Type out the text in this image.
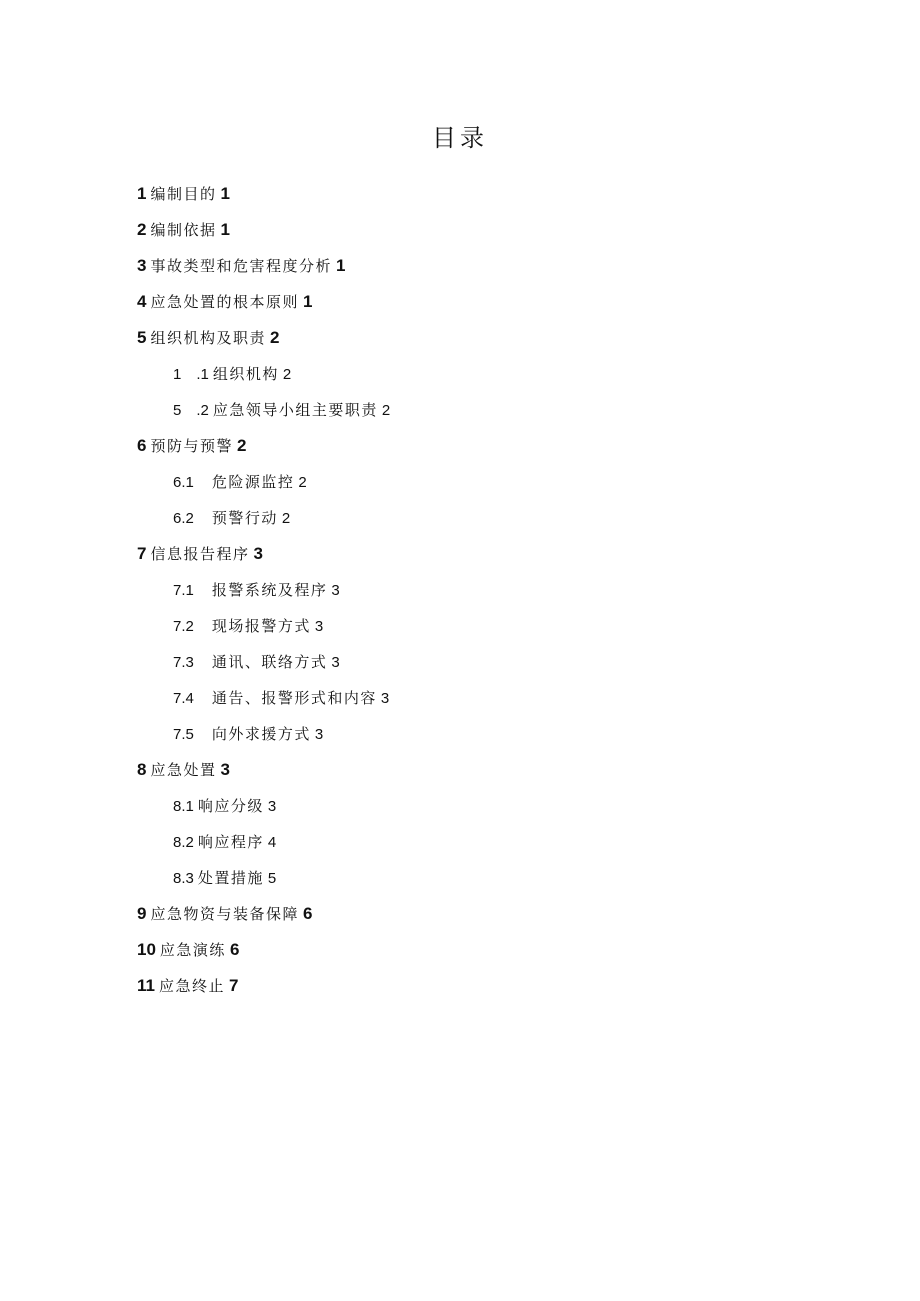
目录
1 编制目的 1
2 编制依据 1
3 事故类型和危害程度分析 1
4 应急处置的根本原则 1
5 组织机构及职责 2
1　.1 组织机构 2
5　.2 应急领导小组主要职责 2
6 预防与预警 2
6.1 危险源监控 2
6.2 预警行动 2
7 信息报告程序 3
7.1 报警系统及程序 3
7.2 现场报警方式 3
7.3 通讯、联络方式 3
7.4 通告、报警形式和内容 3
7.5 向外求援方式 3
8 应急处置 3
8.1 响应分级 3
8.2 响应程序 4
8.3 处置措施 5
9 应急物资与装备保障 6
10 应急演练 6
11 应急终止 7
